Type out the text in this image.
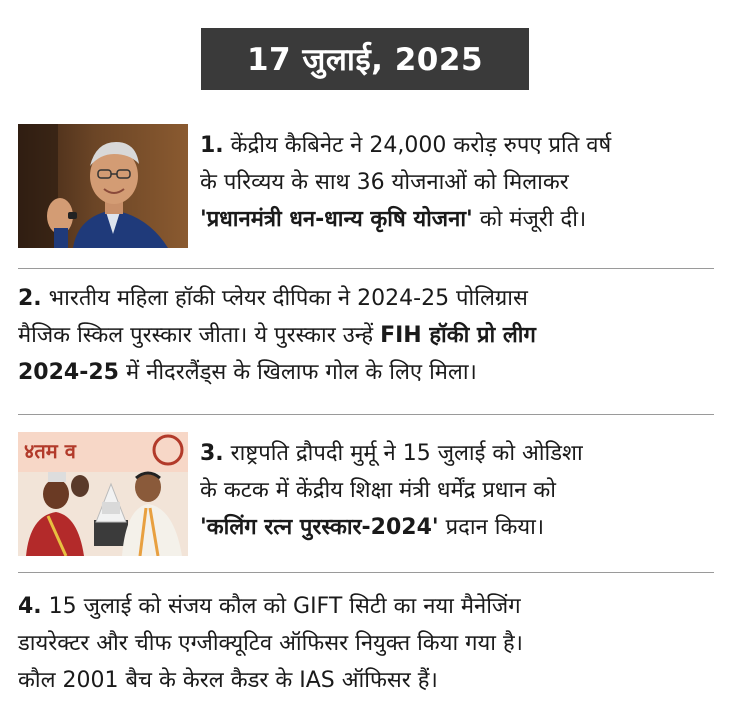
17 जुलाई, 2025
1. केंद्रीय कैबिनेट ने 24,000 करोड़ रुपए प्रति वर्ष
के परिव्यय के साथ 36 योजनाओं को मिलाकर
'प्रधानमंत्री धन-धान्य कृषि योजना' को मंजूरी दी।
2. भारतीय महिला हॉकी प्लेयर दीपिका ने 2024-25 पोलिग्रास
मैजिक स्किल पुरस्कार जीता। ये पुरस्कार उन्हें FIH हॉकी प्रो लीग
2024-25 में नीदरलैंड्स के खिलाफ गोल के लिए मिला।
४तम व	3. राष्ट्रपति द्रौपदी मुर्मू ने 15 जुलाई को ओडिशा
के कटक में केंद्रीय शिक्षा मंत्री धर्मेंद्र प्रधान को
'कलिंग रत्न पुरस्कार-2024' प्रदान किया।
4. 15 जुलाई को संजय कौल को GIFT सिटी का नया मैनेजिंग
डायरेक्टर और चीफ एग्जीक्यूटिव ऑफिसर नियुक्त किया गया है।
कौल 2001 बैच के केरल कैडर के IAS ऑफिसर हैं।
